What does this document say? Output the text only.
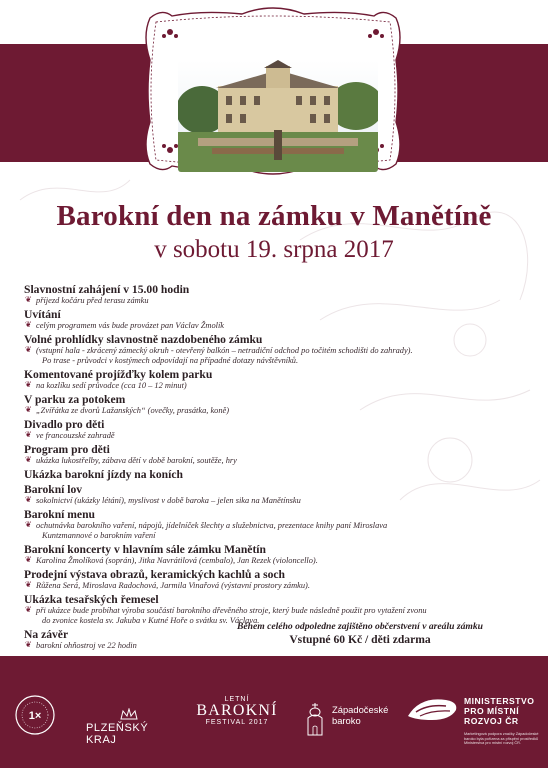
Barokní den na zámku v Manětíně
v sobotu 19. srpna 2017
Slavnostní zahájení v 15.00 hodin
❦ příjezd kočáru před terasu zámku
Uvítání
❦ celým programem vás bude provázet pan Václav Žmolík
Volné prohlídky slavnostně nazdobeného zámku
❦ (vstupní hala - zkrácený zámecký okruh - otevřený balkón – netradiční odchod po točitém schodišti do zahrady).
Po trase - průvodci v kostýmech odpovídají na případné dotazy návštěvníků.
Komentované projížďky kolem parku
❦ na kozlíku sedí průvodce (cca 10 – 12 minut)
V parku za potokem
❦ „Zvířátka ze dvorů Lažanských“ (ovečky, prasátka, koně)
Divadlo pro děti
❦ ve francouzské zahradě
Program pro děti
❦ ukázka lukostřelby, zábava dětí v době barokní, soutěže, hry
Ukázka barokní jízdy na koních
Barokní lov
❦ sokolnictví (ukázky létání), myslivost v době baroka – jelen sika na Manětínsku
Barokní menu
❦ ochutnávka barokního vaření, nápojů, jídelníček šlechty a služebnictva, prezentace knihy paní Miroslava
Kuntzmannové o barokním vaření
Barokní koncerty v hlavním sále zámku Manětín
❦ Karolina Žmolíková (soprán), Jitka Navrátilová (cembalo), Jan Rezek (violoncello).
Prodejní výstava obrazů, keramických kachlů a soch
❦ Růžena Será, Miroslava Radochová, Jarmila Vinařová (výstavní prostory zámku).
Ukázka tesařských řemesel
❦ při ukázce bude probíhat výroba součástí barokního dřevěného stroje, který bude následně použit pro vytažení zvonu
do zvonice kostela sv. Jakuba v Kutné Hoře o svátku sv. Václava.
Na závěr
❦ barokní ohňostroj ve 22 hodin
Během celého odpoledne zajištěno občerstvení v areálu zámku
Vstupné 60 Kč / děti zdarma
1×
PLZEŇSKÝ KRAJ
LETNÍ
BAROKNÍ
FESTIVAL 2017
Západočeské
baroko
MINISTERSTVO
PRO MÍSTNÍ
ROZVOJ ČR
Marketingová podpora značky Západočeské baroko byla pořízena za přispění prostředků Ministerstva pro místní rozvoj ČR.
